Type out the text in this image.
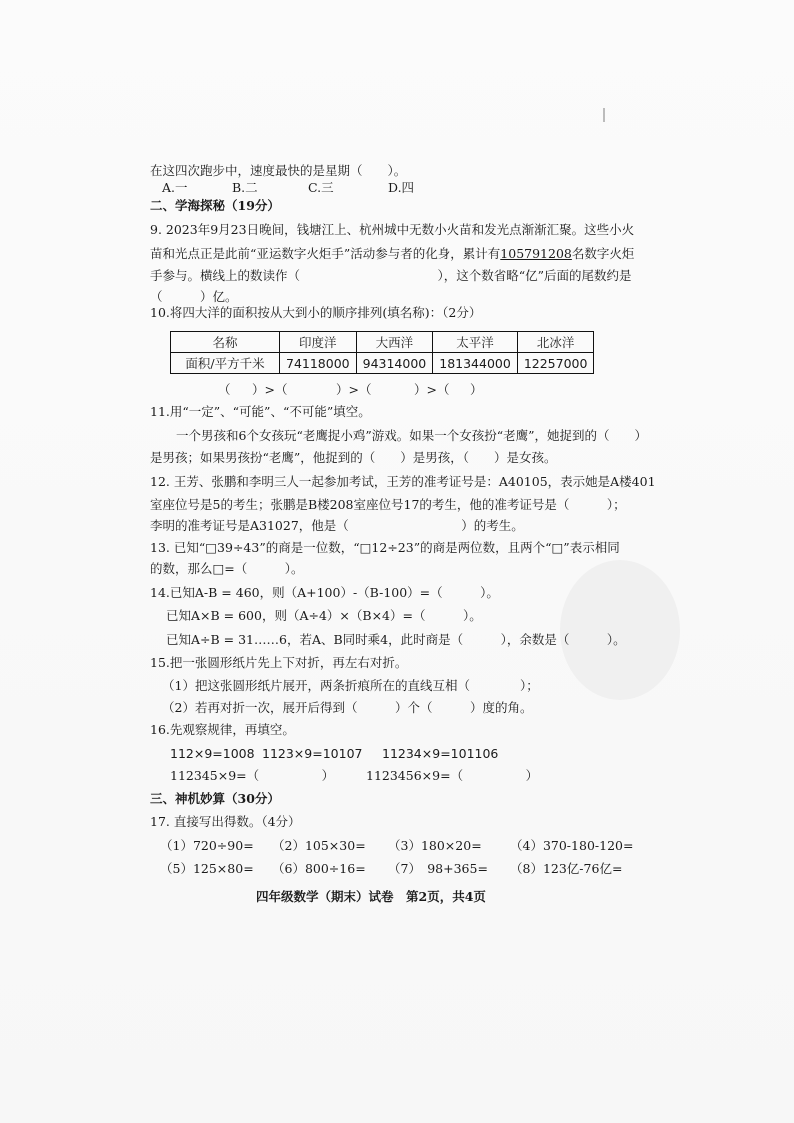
在这四次跑步中，速度最快的是星期（　　）。
A.一	B.二	C.三	D.四
二、学海探秘（19分）
9. 2023年9月23日晚间，钱塘江上、杭州城中无数小火苗和发光点渐渐汇聚。这些小火
苗和光点正是此前“亚运数字火炬手”活动参与者的化身，累计有105791208名数字火炬
手参与。横线上的数读作（　　　　　　　　　　　），这个数省略“亿”后面的尾数约是
（　　　）亿。
10.将四大洋的面积按从大到小的顺序排列(填名称)：（2分）
名称	印度洋	大西洋	太平洋	北冰洋
面积/平方千米	74118000	94314000	181344000	12257000
（ ）>（	）>（	）>（ ）
11.用“一定”、“可能”、“不可能”填空。
一个男孩和6个女孩玩“老鹰捉小鸡”游戏。如果一个女孩扮“老鹰”，她捉到的（　　）
是男孩；如果男孩扮“老鹰”，他捉到的（　　）是男孩，（　　）是女孩。
12. 王芳、张鹏和李明三人一起参加考试，王芳的准考证号是：A40105，表示她是A楼401
室座位号是5的考生；张鹏是B楼208室座位号17的考生，他的准考证号是（　　　）；
李明的准考证号是A31027，他是（　　　　　　　　　）的考生。
13. 已知“□39÷43”的商是一位数，“□12÷23”的商是两位数，且两个“□”表示相同
的数，那么□=（　　　）。
14.已知A-B = 460，则（A+100）-（B-100）=（　　　）。
已知A×B = 600，则（A÷4）×（B×4）=（　　　）。
已知A÷B = 31……6，若A、B同时乘4，此时商是（　　　），余数是（　　　）。
15.把一张圆形纸片先上下对折，再左右对折。
（1）把这张圆形纸片展开，两条折痕所在的直线互相（　　　　）；
（2）若再对折一次，展开后得到（　　　）个（　　　）度的角。
16.先观察规律，再填空。
112×9=1008 1123×9=10107 11234×9=101106
112345×9=（　　　　　）	1123456×9=（　　　　　）
三、神机妙算（30分）
17. 直接写出得数。（4分）
（1）720÷90= （2）105×30= （3）180×20= （4）370-180-120=
（5）125×80= （6）800÷16= （7）　98+365= （8）123亿-76亿=
四年级数学（期末）试卷　第2页，共4页
